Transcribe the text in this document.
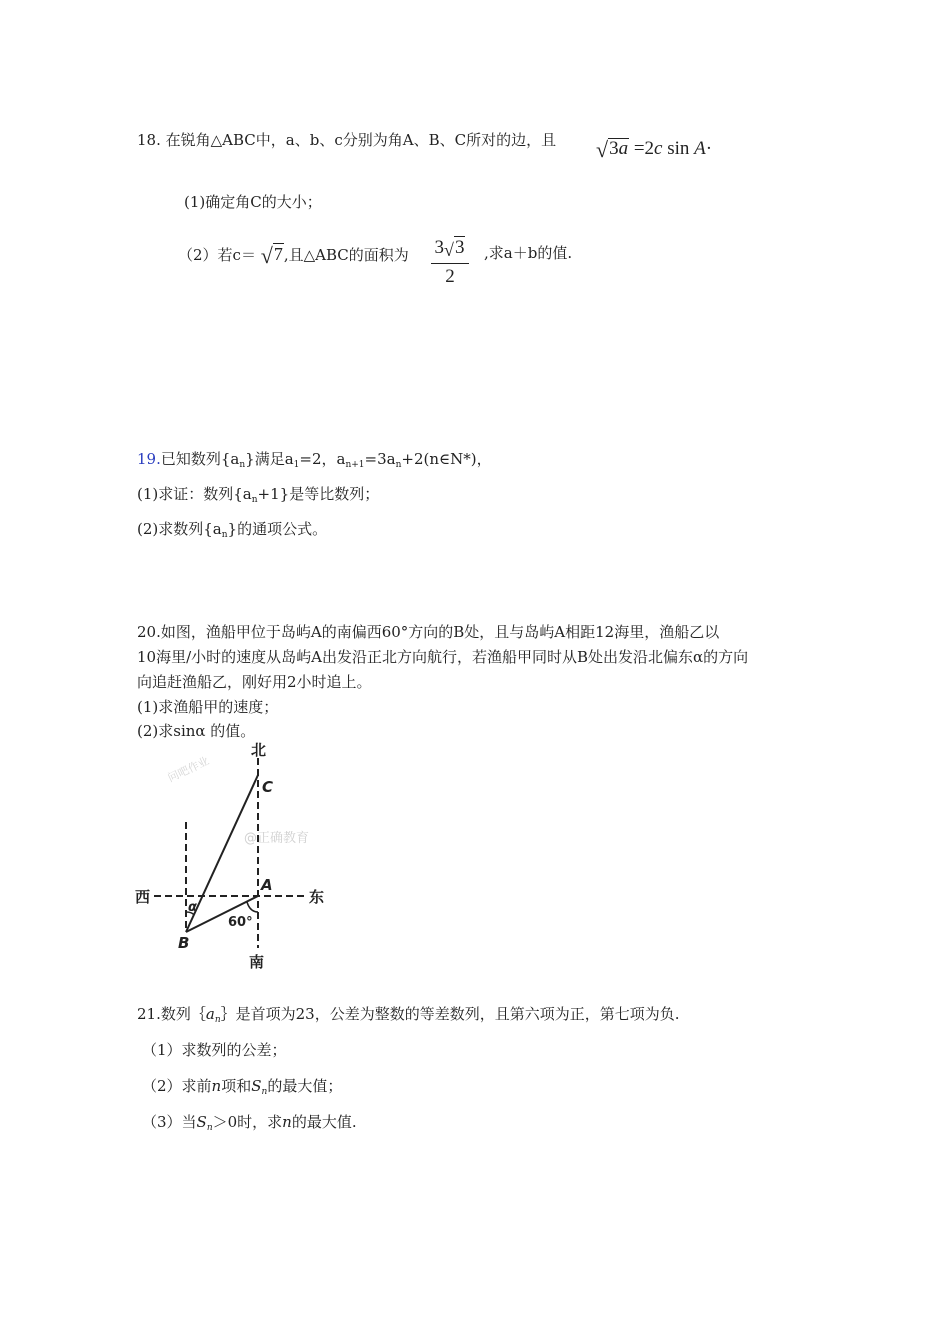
18. 在锐角△ABC中，a、b、c分别为角A、B、C所对的边，且 √3a =2c sin A·
(1)确定角C的大小；
（2）若c＝ √7,且△ABC的面积为 3√3
2
,求a＋b的值.
19.已知数列$\{a_n\}$满足$a_1=2$，$a_{n+1}=3a_n+2(n\in N*)$，
(1)求证：数列$\{a_n+1\}$是等比数列；
(2)求数列$\{a_n\}$的通项公式。
20.如图，渔船甲位于岛屿A的南偏西60°方向的B处，且与岛屿A相距12海里，渔船乙以
10海里/小时的速度从岛屿A出发沿正北方向航行，若渔船甲同时从B处出发沿北偏东α的方向
向追赶渔船乙，刚好用2小时追上。
(1)求渔船甲的速度；
(2)求sinα 的值。
问吧作业
@正确教育
北
南
西	东
C
A
B
α
60°
21.数列$\{a_n\}$是首项为23，公差为整数的等差数列，且第六项为正，第七项为负.
（1）求数列的公差；
（2）求前n项和$S_n$的最大值；
（3）当$S_n>0$时，求n的最大值.
